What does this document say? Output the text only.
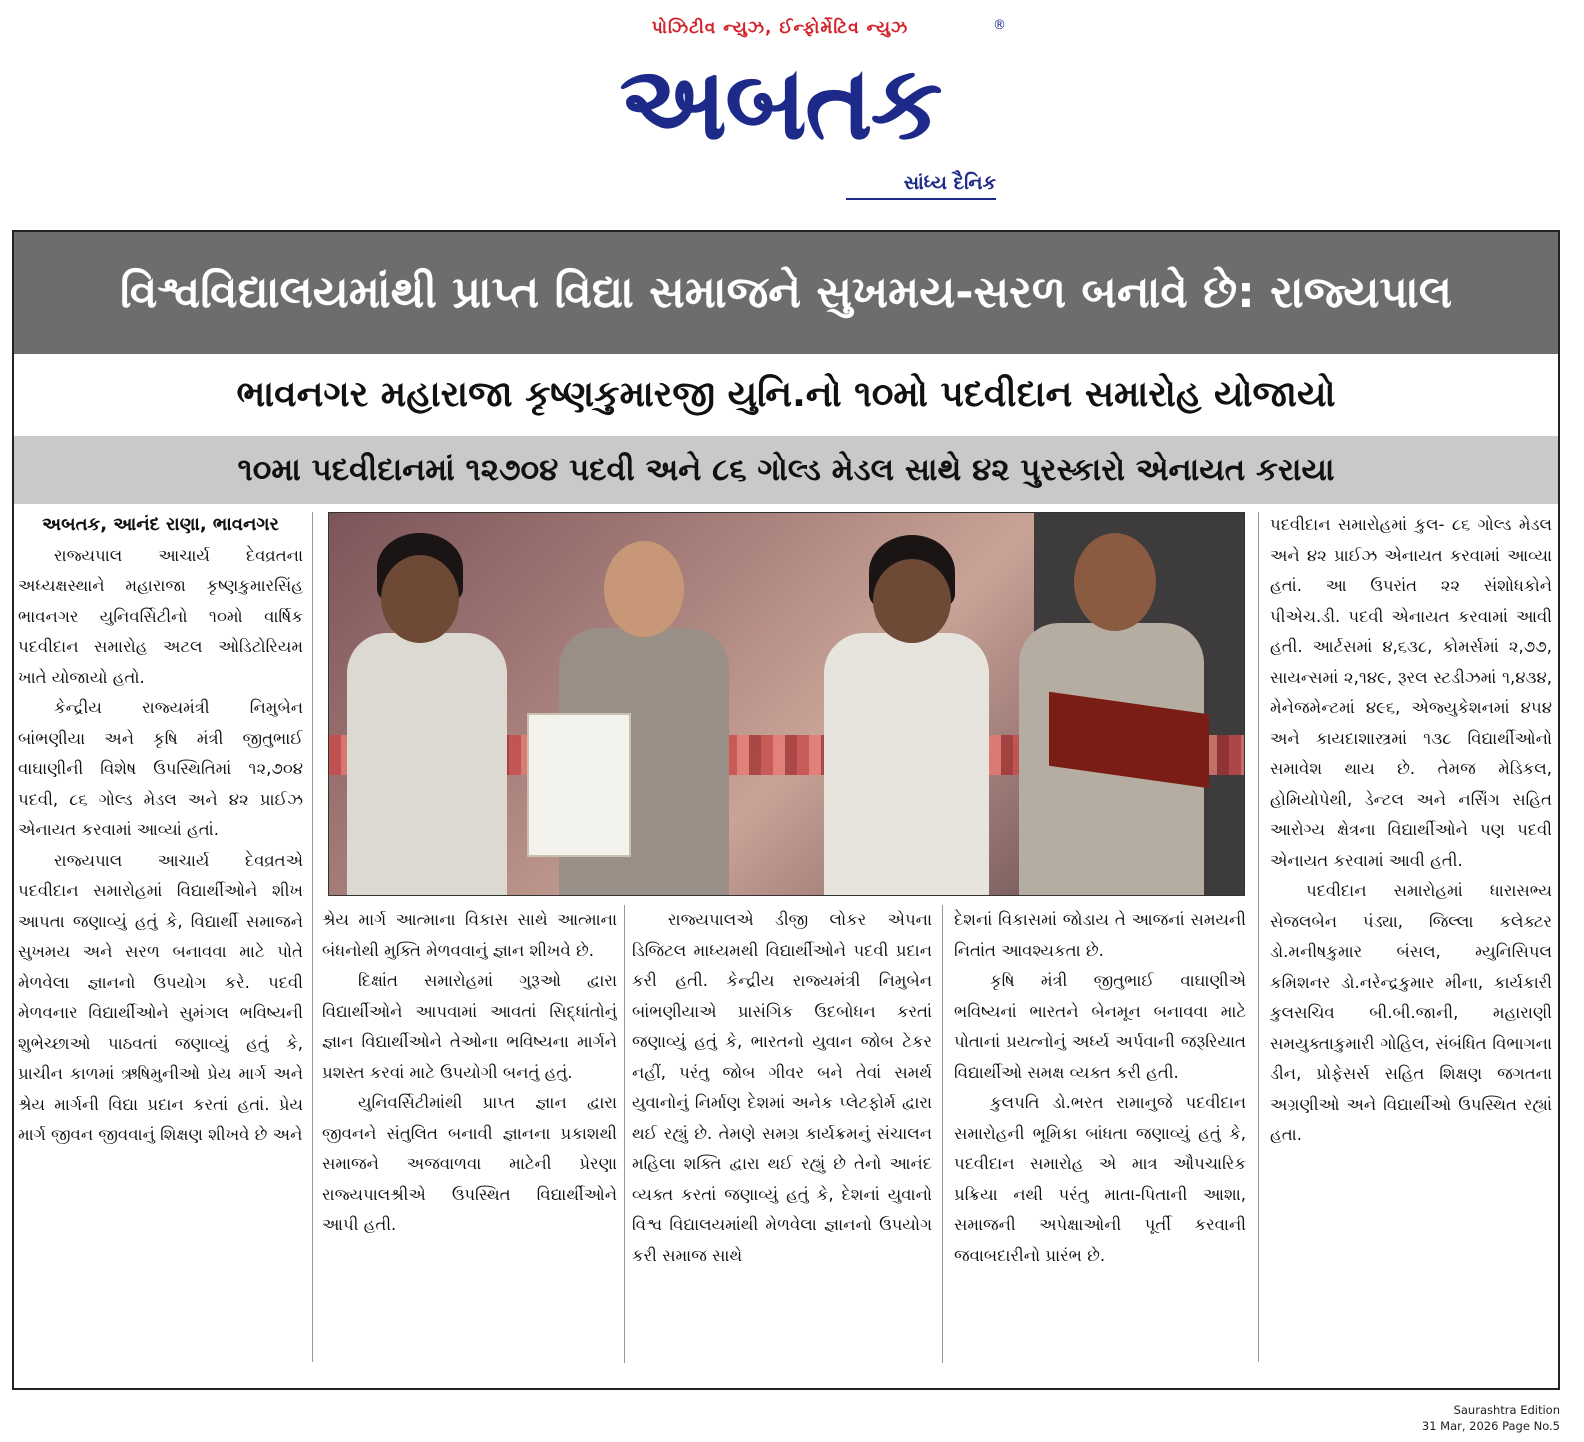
પોઝિટીવ ન્યુઝ, ઈન્ફોર્મેટિવ ન્યુઝ	®
અબતક
સાંધ્ય દૈનિક
વિશ્વવિદ્યાલયમાંથી પ્રાપ્ત વિદ્યા સમાજને સુખમય-સરળ બનાવે છે: રાજ્યપાલ
ભાવનગર મહારાજા કૃષ્ણકુમારજી યુનિ.નો ૧૦મો પદવીદાન સમારોહ યોજાયો
૧૦મા પદવીદાનમાં ૧૨૭૦૪ પદવી અને ૮૬ ગોલ્ડ મેડલ સાથે ૪૨ પુરસ્કારો એનાયત કરાયા

અબતક, આનંદ રાણા, ભાવનગર

રાજ્યપાલ આચાર્ય દેવવ્રતના અધ્યક્ષસ્થાને મહારાજા કૃષ્ણકુમારસિંહ ભાવનગર યુનિવર્સિટીનો ૧૦મો વાર્ષિક પદવીદાન સમારોહ અટલ ઓડિટોરિયમ ખાતે યોજાયો હતો.

કેન્દ્રીય રાજ્યમંત્રી નિમુબેન બાંભણીયા અને કૃષિ મંત્રી જીતુભાઈ વાઘાણીની વિશેષ ઉપસ્થિતિમાં ૧૨,૭૦૪ પદવી, ૮૬ ગોલ્ડ મેડલ અને ૪૨ પ્રાઈઝ એનાયત કરવામાં આવ્યાં હતાં.

રાજ્યપાલ આચાર્ય દેવવ્રતએ પદવીદાન સમારોહમાં વિદ્યાર્થીઓને શીખ આપતા જણાવ્યું હતું કે, વિદ્યાર્થી સમાજને સુખમય અને સરળ બનાવવા માટે પોતે મેળવેલા જ્ઞાનનો ઉપયોગ કરે. પદવી મેળવનાર વિદ્યાર્થીઓને સુમંગલ ભવિષ્યની શુભેચ્છાઓ પાઠવતાં જણાવ્યું હતું કે, પ્રાચીન કાળમાં ઋષિમુનીઓ પ્રેય માર્ગ અને શ્રેય માર્ગની વિદ્યા પ્રદાન કરતાં હતાં. પ્રેય માર્ગ જીવન જીવવાનું શિક્ષણ શીખવે છે અને

શ્રેય માર્ગ આત્માના વિકાસ સાથે આત્માના બંધનોથી મુક્તિ મેળવવાનું જ્ઞાન શીખવે છે.

દિક્ષાંત સમારોહમાં ગુરૂઓ દ્વારા વિદ્યાર્થીઓને આપવામાં આવતાં સિદ્ધાંતોનું જ્ઞાન વિદ્યાર્થીઓને તેઓના ભવિષ્યના માર્ગને પ્રશસ્ત કરવાં માટે ઉપયોગી બનતું હતું.

યુનિવર્સિટીમાંથી પ્રાપ્ત જ્ઞાન દ્વારા જીવનને સંતુલિત બનાવી જ્ઞાનના પ્રકાશથી સમાજને અજવાળવા માટેની પ્રેરણા રાજ્યપાલશ્રીએ ઉપસ્થિત વિદ્યાર્થીઓને આપી હતી.

રાજ્યપાલએ ડીજી લોકર એપના ડિજિટલ માધ્યમથી વિદ્યાર્થીઓને પદવી પ્રદાન કરી હતી. કેન્દ્રીય રાજ્યમંત્રી નિમુબેન બાંભણીયાએ પ્રાસંગિક ઉદબોધન કરતાં જણાવ્યું હતું કે, ભારતનો યુવાન જોબ ટેકર નહીં, પરંતુ જોબ ગીવર બને તેવાં સમર્થ યુવાનોનું નિર્માણ દેશમાં અનેક પ્લેટફોર્મ દ્વારા થઈ રહ્યું છે. તેમણે સમગ્ર કાર્યક્રમનું સંચાલન મહિલા શક્તિ દ્વારા થઈ રહ્યું છે તેનો આનંદ વ્યક્ત કરતાં જણાવ્યું હતું કે, દેશનાં યુવાનો વિશ્વ વિદ્યાલયમાંથી મેળવેલા જ્ઞાનનો ઉપયોગ કરી સમાજ સાથે

દેશનાં વિકાસમાં જોડાય તે આજનાં સમયની નિતાંત આવશ્યકતા છે.

કૃષિ મંત્રી જીતુભાઈ વાઘાણીએ ભવિષ્યનાં ભારતને બેનમૂન બનાવવા માટે પોતાનાં પ્રયત્નોનું અર્ધ્ય અર્પવાની જરૂરિયાત વિદ્યાર્થીઓ સમક્ષ વ્યક્ત કરી હતી.

કુલપતિ ડો.ભરત રામાનુજે પદવીદાન સમારોહની ભૂમિકા બાંધતા જણાવ્યું હતું કે, પદવીદાન સમારોહ એ માત્ર ઔપચારિક પ્રક્રિયા નથી પરંતુ માતા-પિતાની આશા, સમાજની અપેક્ષાઓની પૂર્તી કરવાની જવાબદારીનો પ્રારંભ છે.

પદવીદાન સમારોહમાં કુલ- ૮૬ ગોલ્ડ મેડલ અને ૪૨ પ્રાઈઝ એનાયત કરવામાં આવ્યા હતાં. આ ઉપરાંત ૨૨ સંશોધકોને પીએચ.ડી. પદવી એનાયત કરવામાં આવી હતી. આર્ટસમાં ૪,૬૩૮, કોમર્સમાં ૨,૭૭, સાયન્સમાં ૨,૧૪૯, રૂરલ સ્ટડીઝમાં ૧,૪૩૪, મેનેજમેન્ટમાં ૪૯૬, એજ્યુકેશનમાં ૪૫૪ અને કાયદાશાસ્ત્રમાં ૧૩૮ વિદ્યાર્થીઓનો સમાવેશ થાય છે. તેમજ મેડિકલ, હોમિયોપેથી, ડેન્ટલ અને નર્સિંગ સહિત આરોગ્ય ક્ષેત્રના વિદ્યાર્થીઓને પણ પદવી એનાયત કરવામાં આવી હતી.

પદવીદાન સમારોહમાં ધારાસભ્ય સેજલબેન પંડ્યા, જિલ્લા કલેક્ટર ડો.મનીષકુમાર બંસલ, મ્યુનિસિપલ કમિશનર ડો.નરેન્દ્રકુમાર મીના, કાર્યકારી કુલસચિવ બી.બી.જાની, મહારાણી સમયુક્તાકુમારી ગોહિલ, સંબંધિત વિભાગના ડીન, પ્રોફેસર્સ સહિત શિક્ષણ જગતના અગ્રણીઓ અને વિદ્યાર્થીઓ ઉપસ્થિત રહ્યાં હતા.

Saurashtra Edition
31 Mar, 2026 Page No.5
